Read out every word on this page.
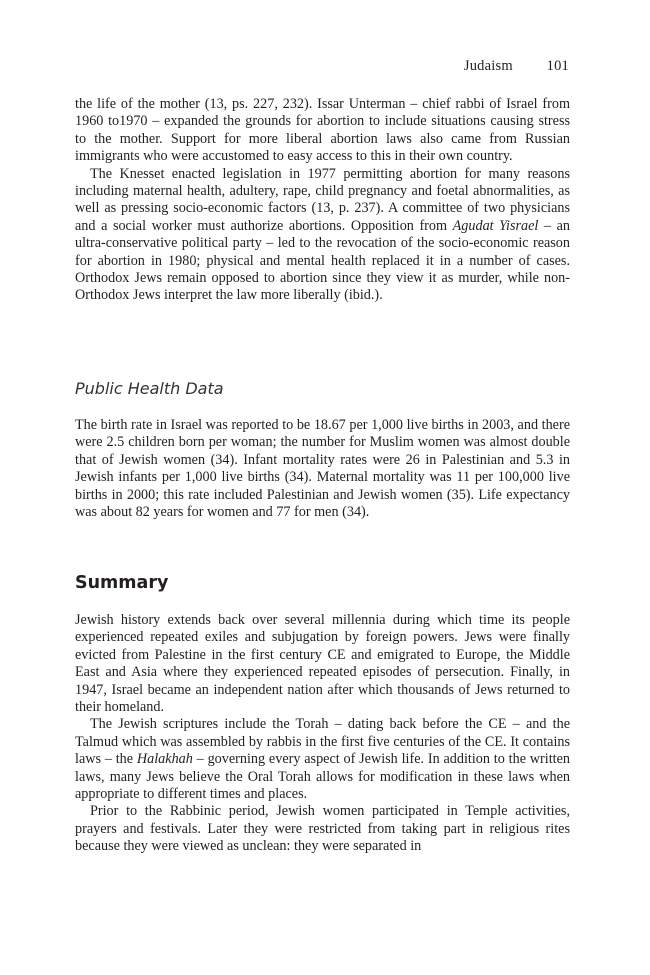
Judaism 101

the life of the mother (13, ps. 227, 232). Issar Unterman – chief rabbi of Israel from 1960 to1970 – expanded the grounds for abortion to include situations causing stress to the mother. Support for more liberal abortion laws also came from Russian immigrants who were accustomed to easy access to this in their own country.

The Knesset enacted legislation in 1977 permitting abortion for many reasons including maternal health, adultery, rape, child pregnancy and foetal abnormalities, as well as pressing socio-economic factors (13, p. 237). A committee of two physicians and a social worker must authorize abortions. Opposition from Agudat Yisrael – an ultra-conservative political party – led to the revocation of the socio-economic reason for abortion in 1980; physical and mental health replaced it in a number of cases. Orthodox Jews remain opposed to abortion since they view it as murder, while non-Orthodox Jews interpret the law more liberally (ibid.).

Public Health Data

The birth rate in Israel was reported to be 18.67 per 1,000 live births in 2003, and there were 2.5 children born per woman; the number for Muslim women was almost double that of Jewish women (34). Infant mortality rates were 26 in Palestinian and 5.3 in Jewish infants per 1,000 live births (34). Maternal mortality was 11 per 100,000 live births in 2000; this rate included Palestinian and Jewish women (35). Life expectancy was about 82 years for women and 77 for men (34).

Summary

Jewish history extends back over several millennia during which time its people experienced repeated exiles and subjugation by foreign powers. Jews were finally evicted from Palestine in the first century CE and emigrated to Europe, the Middle East and Asia where they experienced repeated episodes of persecution. Finally, in 1947, Israel became an independent nation after which thousands of Jews returned to their homeland.

The Jewish scriptures include the Torah – dating back before the CE – and the Talmud which was assembled by rabbis in the first five centuries of the CE. It contains laws – the Halakhah – governing every aspect of Jewish life. In addition to the written laws, many Jews believe the Oral Torah allows for modification in these laws when appropriate to different times and places.

Prior to the Rabbinic period, Jewish women participated in Temple activities, prayers and festivals. Later they were restricted from taking part in religious rites because they were viewed as unclean: they were separated in
